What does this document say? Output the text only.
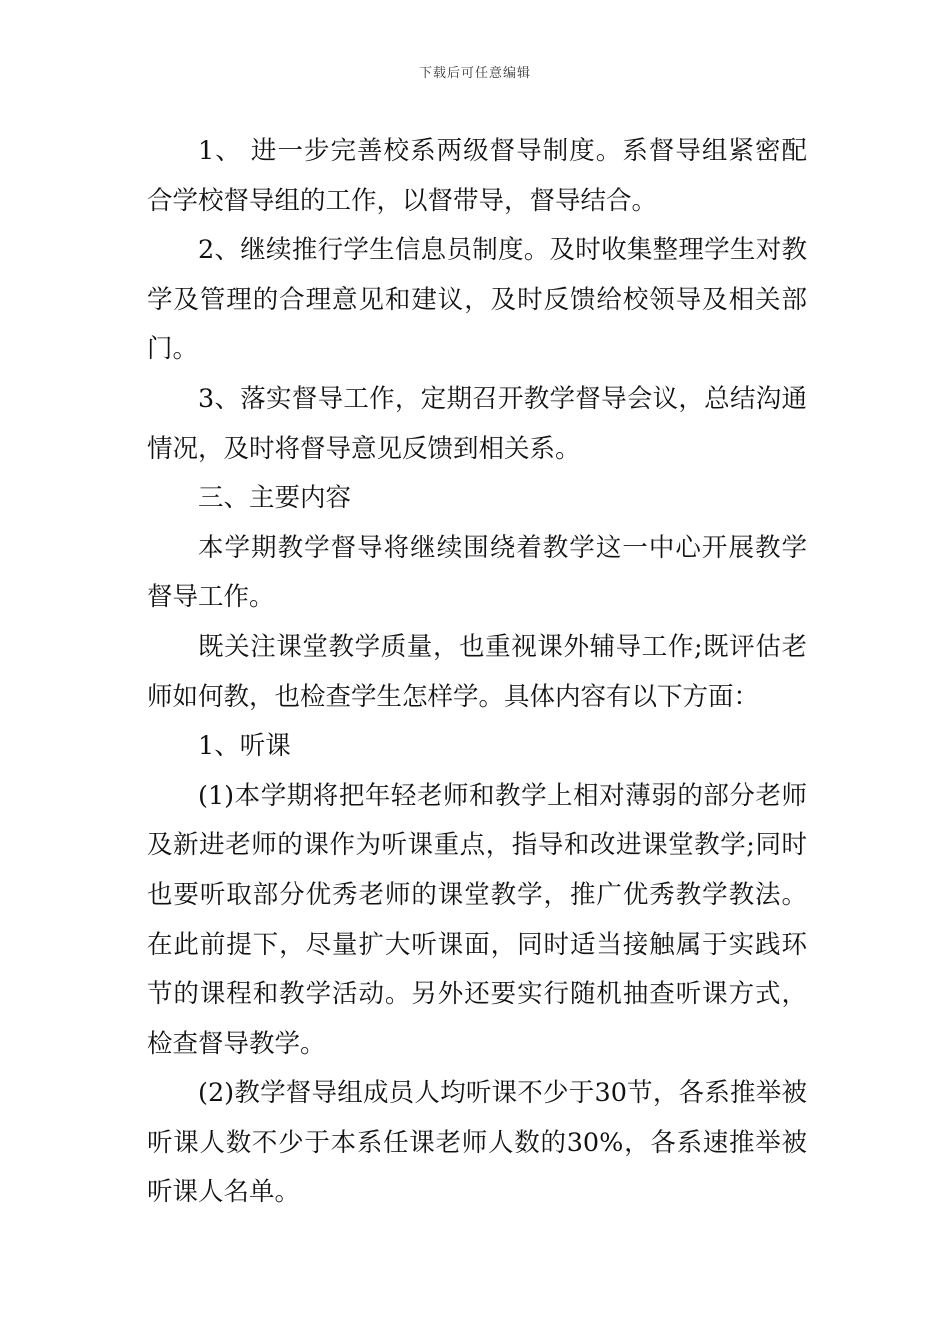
下载后可任意编辑

1、 进一步完善校系两级督导制度。系督导组紧密配合学校督导组的工作，以督带导，督导结合。

2、继续推行学生信息员制度。及时收集整理学生对教学及管理的合理意见和建议，及时反馈给校领导及相关部门。

3、落实督导工作，定期召开教学督导会议，总结沟通情况，及时将督导意见反馈到相关系。

三、主要内容

本学期教学督导将继续围绕着教学这一中心开展教学督导工作。

既关注课堂教学质量，也重视课外辅导工作;既评估老师如何教，也检查学生怎样学。具体内容有以下方面：

1、听课

(1)本学期将把年轻老师和教学上相对薄弱的部分老师及新进老师的课作为听课重点，指导和改进课堂教学;同时也要听取部分优秀老师的课堂教学，推广优秀教学教法。在此前提下，尽量扩大听课面，同时适当接触属于实践环节的课程和教学活动。另外还要实行随机抽查听课方式，检查督导教学。

(2)教学督导组成员人均听课不少于30节，各系推举被听课人数不少于本系任课老师人数的30%，各系速推举被听课人名单。
